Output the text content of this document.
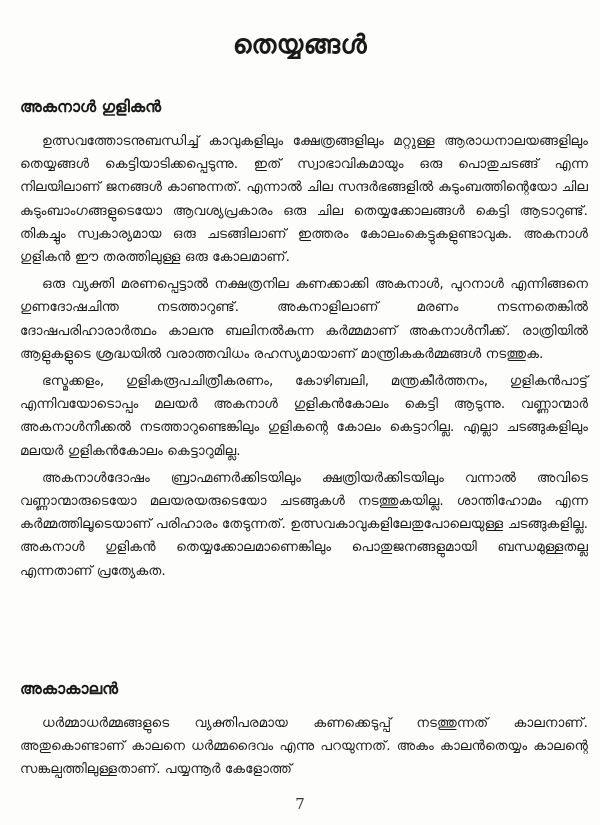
തെയ്യങ്ങൾ
അകനാൾ ഗുളികൻ

ഉത്സവത്തോടനുബന്ധിച്ച് കാവുകളിലും ക്ഷേത്രങ്ങളിലും മറ്റുള്ള ആരാധനാലയങ്ങളിലും തെയ്യങ്ങൾ കെട്ടിയാടിക്കപ്പെടുന്നു. ഇത് സ്വാഭാവികമായും ഒരു പൊതുചടങ്ങ് എന്ന നിലയിലാണ് ജനങ്ങൾ കാണുന്നത്. എന്നാൽ ചില സന്ദർഭങ്ങളിൽ കുടുംബത്തിന്റെയോ ചില കുടുംബാംഗങ്ങളുടെയോ ആവശ്യപ്രകാരം ഒരു ചില തെയ്യക്കോലങ്ങൾ കെട്ടി ആടാറുണ്ട്. തികച്ചും സ്വകാര്യമായ ഒരു ചടങ്ങിലാണ് ഇത്തരം കോലംകെട്ടുകളുണ്ടാവുക. അകനാൾ ഗുളികൻ ഈ തരത്തിലുള്ള ഒരു കോലമാണ്.

ഒരു വ്യക്തി മരണപ്പെട്ടാൽ നക്ഷത്രനില കണക്കാക്കി അകനാൾ, പുറനാൾ എന്നിങ്ങനെ ഗുണദോഷചിന്ത നടത്താറുണ്ട്. അകനാളിലാണ് മരണം നടന്നതെങ്കിൽ ദോഷപരിഹാരാർത്ഥം കാലനു ബലിനൽകുന്ന കർമ്മമാണ് അകനാൾനീക്ക്. രാത്രിയിൽ ആളുകളുടെ ശ്രദ്ധയിൽ വരാത്തവിധം രഹസ്യമായാണ് മാന്ത്രികകർമ്മങ്ങൾ നടത്തുക.

ഭസ്മക്കളം, ഗുളികരൂപചിത്രീകരണം, കോഴിബലി, മന്ത്രകീർത്തനം, ഗുളികൻപാട്ട് എന്നിവയോടൊപ്പം മലയർ അകനാൾ ഗുളികൻകോലം കെട്ടി ആടുന്നു. വണ്ണാന്മാർ അകനാൾനീക്കൽ നടത്താറുണ്ടെങ്കിലും ഗുളികന്റെ കോലം കെട്ടാറില്ല. എല്ലാ ചടങ്ങുകളിലും മലയർ ഗുളികൻകോലം കെട്ടാറുമില്ല.

അകനാൾദോഷം ബ്രാഹ്മണർക്കിടയിലും ക്ഷത്രിയർക്കിടയിലും വന്നാൽ അവിടെ വണ്ണാന്മാരുടെയോ മലയരയരുടെയോ ചടങ്ങുകൾ നടത്തുകയില്ല. ശാന്തിഹോമം എന്ന കർമ്മത്തിലൂടെയാണ് പരിഹാരം തേടുന്നത്. ഉത്സവകാവുകളിലേതുപോലെയുള്ള ചടങ്ങുകളില്ല. അകനാൾ ഗുളികൻ തെയ്യക്കോലമാണെങ്കിലും പൊതുജനങ്ങളുമായി ബന്ധമുള്ളതല്ല എന്നതാണ് പ്രത്യേകത.

അകാകാലൻ

ധർമ്മാധർമ്മങ്ങളുടെ വ്യക്തിപരമായ കണക്കെടുപ്പ് നടത്തുന്നത് കാലനാണ്. അതുകൊണ്ടാണ് കാലനെ ധർമ്മദൈവം എന്നു പറയുന്നത്. അകം കാലൻതെയ്യം കാലന്റെ സങ്കല്പത്തിലുള്ളതാണ്. പയ്യന്നൂർ കേളോത്ത്

7
